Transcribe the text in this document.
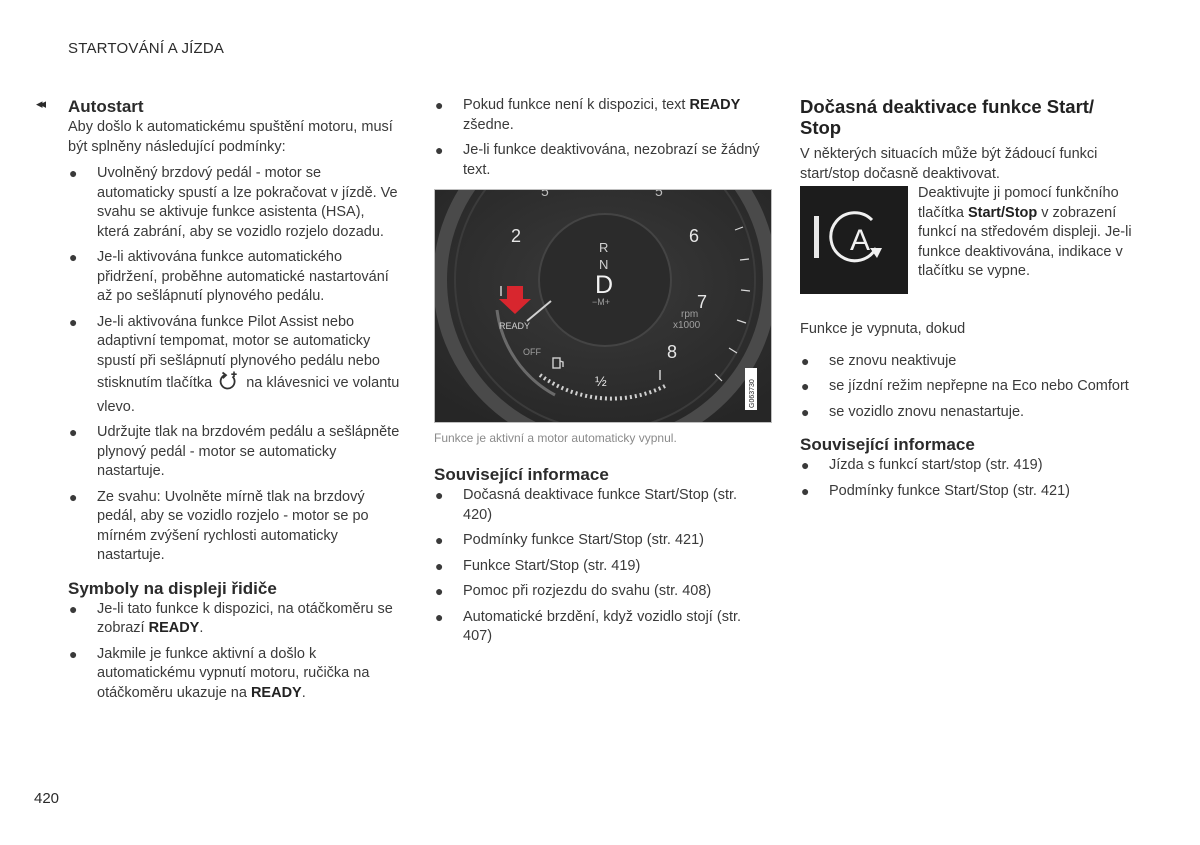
STARTOVÁNÍ A JÍZDA
◂◂ Autostart

Aby došlo k automatickému spuštění motoru, musí být splněny následující podmínky:

● Uvolněný brzdový pedál - motor se automaticky spustí a lze pokračovat v jízdě. Ve svahu se aktivuje funkce asistenta (HSA), která zabrání, aby se vozidlo rozjelo dozadu.
● Je-li aktivována funkce automatického přidržení, proběhne automatické nastartování až po sešlápnutí plynového pedálu.
● Je-li aktivována funkce Pilot Assist nebo adaptivní tempomat, motor se automaticky spustí při sešlápnutí plynového pedálu nebo stisknutím tlačítka na klávesnici ve volantu vlevo.
● Udržujte tlak na brzdovém pedálu a sešlápněte plynový pedál - motor se automaticky nastartuje.
● Ze svahu: Uvolněte mírně tlak na brzdový pedál, aby se vozidlo rozjelo - motor se po mírném zvýšení rychlosti automaticky nastartuje.
Symboly na displeji řidiče
● Je-li tato funkce k dispozici, na otáčkoměru se zobrazí READY.
● Jakmile je funkce aktivní a došlo k automatickému vypnutí motoru, ručička na otáčkoměru ukazuje na READY.
● Pokud funkce není k dispozici, text READY zšedne.
● Je-li funkce deaktivována, nezobrazí se žádný text.
2	6
7
8
5	5
R
N
D
−M+
rpm
x1000
READY
OFF
½	G063730

Funkce je aktivní a motor automaticky vypnul.

Související informace
● Dočasná deaktivace funkce Start/Stop (str. 420)
● Podmínky funkce Start/Stop (str. 421)
● Funkce Start/Stop (str. 419)
● Pomoc při rozjezdu do svahu (str. 408)
● Automatické brzdění, když vozidlo stojí (str. 407)
Dočasná deaktivace funkce Start/ Stop

V některých situacích může být žádoucí funkci start/stop dočasně deaktivovat.

A

Deaktivujte ji pomocí funkčního tlačítka Start/Stop v zobrazení funkcí na středovém displeji. Je-li funkce deaktivována, indikace v tlačítku se vypne.

Funkce je vypnuta, dokud

● se znovu neaktivuje
● se jízdní režim nepřepne na Eco nebo Comfort
● se vozidlo znovu nenastartuje.
Související informace
● Jízda s funkcí start/stop (str. 419)
● Podmínky funkce Start/Stop (str. 421)
420
